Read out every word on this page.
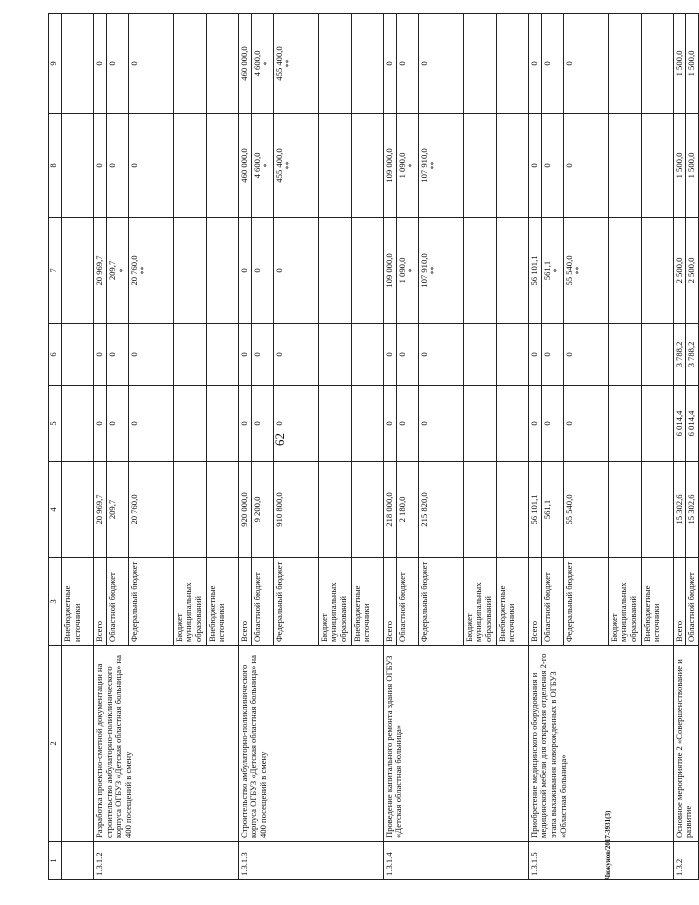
62
1	2	3	4	5	6	7	8	9
		Внебюджетные источники						
1.3.1.2	Разработка проектно-сметной документации на строительство амбулаторно-поликлинического корпуса ОГБУЗ «Детская областная больница» на 400 посещений в смену	Всего	20 969,7	0	0	20 969,7	0	0
		Областной бюджет	209,7	0	0	209,7 *	0	0
		Федеральный бюджет	20 760,0	0	0	20 760,0 **	0	0
		Бюджет муниципальных образований						
		Внебюджетные источники						
1.3.1.3	Строительство амбулаторно-поликлинического корпуса ОГБУЗ «Детская областная больница» на 400 посещений в смену	Всего	920 000,0	0	0	0	460 000,0	460 000,0
		Областной бюджет	9 200,0	0	0	0	4 600,0 *	4 600,0 *

		Федеральный бюджет	910 800,0	0	0	0	455 400,0 **	455 400,0 **

		Бюджет муниципальных образований						
		Внебюджетные источники						
1.3.1.4	Проведение капитального ремонта здания ОГБУЗ «Детская областная больница»	Всего	218 000,0	0	0	109 000,0	109 000,0	0
		Областной бюджет	2 180,0	0	0	1 090,0 *	1 090,0 *	0
		Федеральный бюджет	215 820,0	0	0	107 910,0 **	107 910,0 **	0
		Бюджет муниципальных образований						
		Внебюджетные источники						
1.3.1.5	Приобретение медицинского оборудования и медицинской мебели для открытия отделения 2-го этапа выхаживания новорожденных в ОГБУЗ «Областная больница»	Всего	56 101,1	0	0	56 101,1	0	0
		Областной бюджет	561,1	0	0	561,1 *	0	0
		Федеральный бюджет	55 540,0	0	0	55 540,0 **	0	0
		Бюджет муниципальных образований						
		Внебюджетные источники						
1.3.2	Основное мероприятие 2 «Совершенствование и развитие	Всего	15 302,6	6 014,4	3 788,2	2 500,0	1 500,0	1 500,0
		Областной бюджет	15 302,6	6 014,4	3 788,2	2 500,0	1 500,0	1 500,0
Чижунов/2017-3931(3)
